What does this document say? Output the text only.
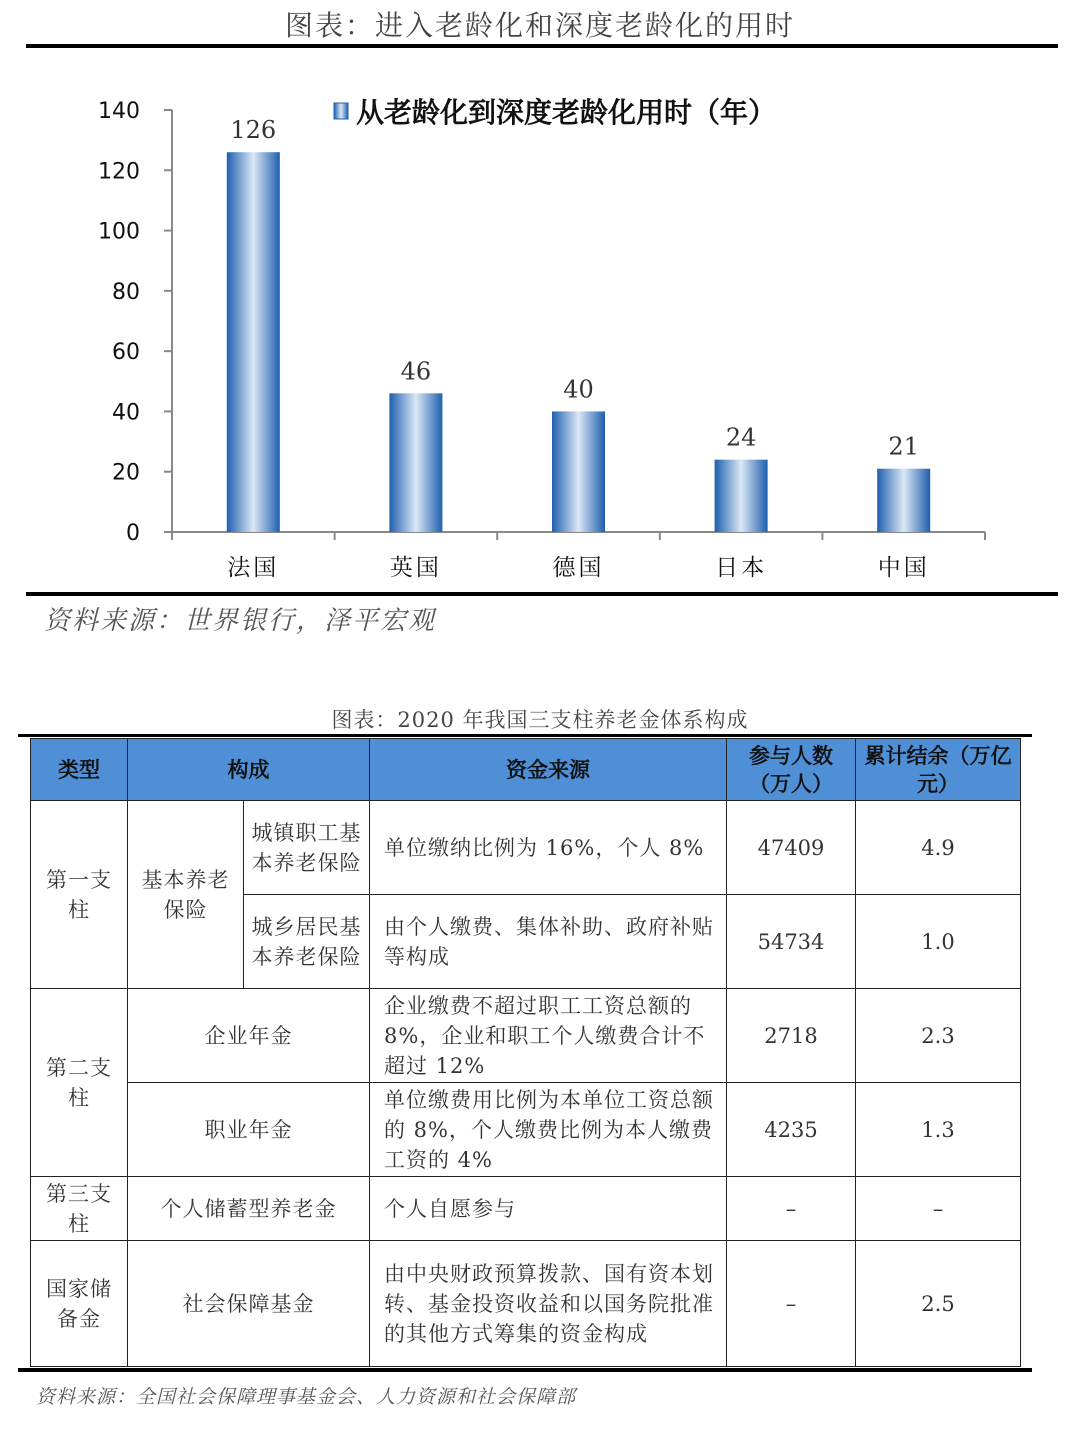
图表：进入老龄化和深度老龄化的用时
0
20
40
60
80
100
120
140
126
法国
46
英国
40
德国
24
日本
21
中国
从老龄化到深度老龄化用时（年）
资料来源：世界银行，泽平宏观
图表：2020 年我国三支柱养老金体系构成
类型	构成		资金来源	参与人数（万人）	累计结余（万亿元）
第一支柱	基本养老保险	城镇职工基本养老保险	单位缴纳比例为 16%，个人 8%	47409	4.9
		城乡居民基本养老保险	由个人缴费、集体补助、政府补贴等构成	54734	1.0
第二支柱	企业年金		企业缴费不超过职工工资总额的 8%，企业和职工个人缴费合计不超过 12%	2718	2.3
	职业年金		单位缴费用比例为本单位工资总额的 8%，个人缴费比例为本人缴费工资的 4%	4235	1.3
第三支柱	个人储蓄型养老金		个人自愿参与	–	–
国家储备金	社会保障基金		由中央财政预算拨款、国有资本划转、基金投资收益和以国务院批准的其他方式筹集的资金构成	–	2.5
资料来源：全国社会保障理事基金会、人力资源和社会保障部
